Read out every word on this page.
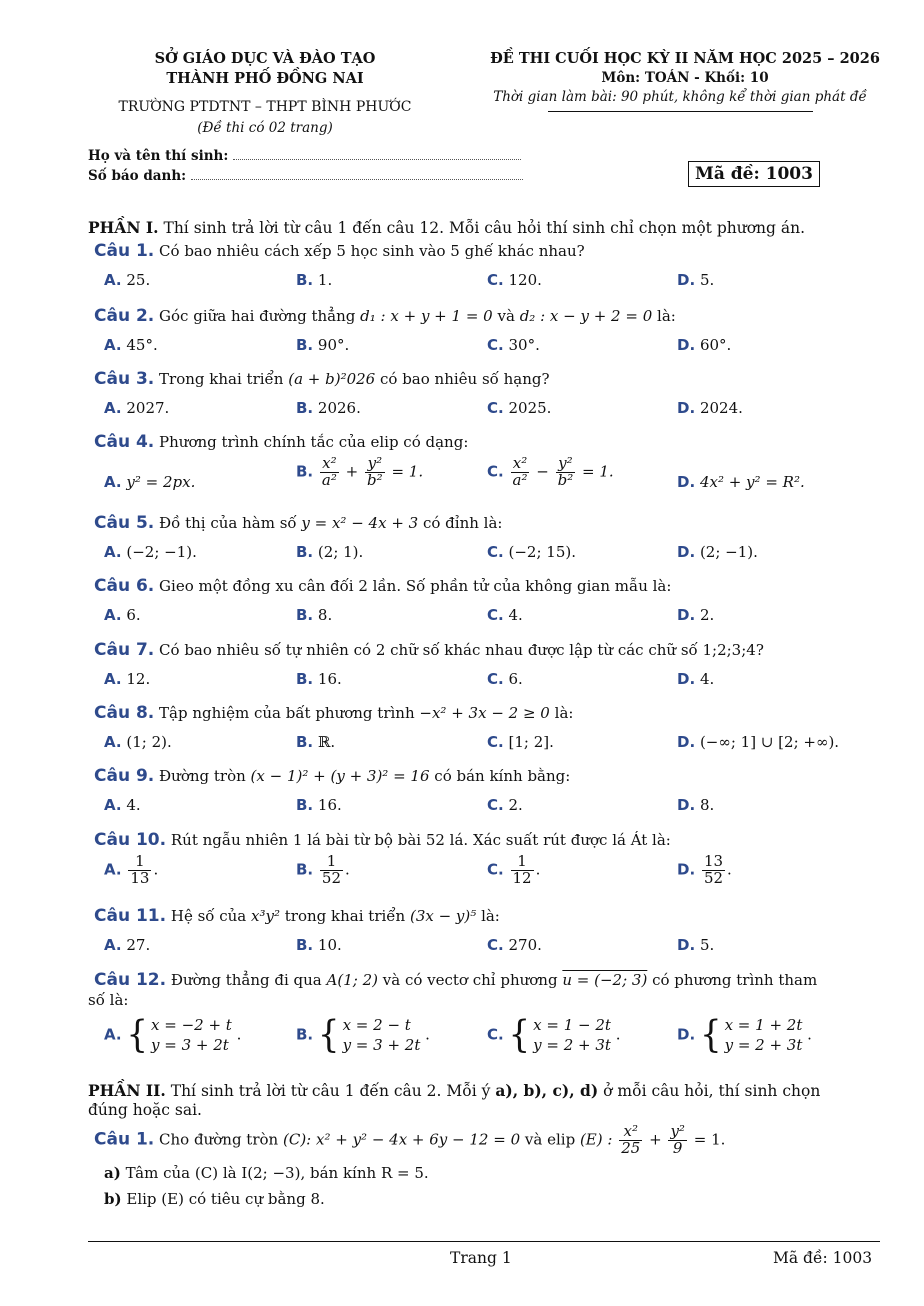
SỞ GIÁO DỤC VÀ ĐÀO TẠO
THÀNH PHỐ ĐỒNG NAI
TRƯỜNG PTDTNT – THPT BÌNH PHƯỚC
(Đề thi có 02 trang)
ĐỀ THI CUỐI HỌC KỲ II NĂM HỌC 2025 – 2026
Môn: TOÁN - Khối: 10
Thời gian làm bài: 90 phút, không kể thời gian phát đề
Họ và tên thí sinh:
Số báo danh:	Mã đề: 1003
PHẦN I. Thí sinh trả lời từ câu 1 đến câu 12. Mỗi câu hỏi thí sinh chỉ chọn một phương án.
Câu 1. Có bao nhiêu cách xếp 5 học sinh vào 5 ghế khác nhau?
A. 25.	B. 1.	C. 120.	D. 5.
Câu 2. Góc giữa hai đường thẳng d₁ : x + y + 1 = 0 và d₂ : x − y + 2 = 0 là:
A. 45°.	B. 90°.	C. 30°.	D. 60°.
Câu 3. Trong khai triển (a + b)²026 có bao nhiêu số hạng?
A. 2027.	B. 2026.	C. 2025.	D. 2024.
Câu 4. Phương trình chính tắc của elip có dạng:
A. y² = 2px.
B. $\frac{\text{x²}}{\text{a²}} + \frac{\text{y²}}{\text{b²}} = 1$.	C. $\frac{\text{x²}}{\text{a²}} - \frac{\text{y²}}{\text{b²}} = 1$.
D. 4x² + y² = R².
Câu 5. Đồ thị của hàm số y = x² − 4x + 3 có đỉnh là:
A. (−2; −1).	B. (2; 1).	C. (−2; 15).	D. (2; −1).
Câu 6. Gieo một đồng xu cân đối 2 lần. Số phần tử của không gian mẫu là:
A. 6.	B. 8.	C. 4.	D. 2.
Câu 7. Có bao nhiêu số tự nhiên có 2 chữ số khác nhau được lập từ các chữ số 1;2;3;4?
A. 12.	B. 16.	C. 6.	D. 4.
Câu 8. Tập nghiệm của bất phương trình −x² + 3x − 2 ≥ 0 là:
A. (1; 2).	B. ℝ.	C. [1; 2].	D. (−∞; 1] ∪ [2; +∞).
Câu 9. Đường tròn (x − 1)² + (y + 3)² = 16 có bán kính bằng:
A. 4.	B. 16.	C. 2.	D. 8.
Câu 10. Rút ngẫu nhiên 1 lá bài từ bộ bài 52 lá. Xác suất rút được lá Át là:
A. $\frac{1}{13}$ .	B. $\frac{1}{52}$ .	C. $\frac{1}{12}$ .	D. $\frac{13}{52}$ .
Câu 11. Hệ số của x³y² trong khai triển (3x − y)⁵ là:
A. 27.	B. 10.	C. 270.	D. 5.
Câu 12. Đường thẳng đi qua A(1; 2) và có vectơ chỉ phương u = (−2; 3) có phương trình tham
số là:
A. { x = −2 + t
y = 3 + 2t
.	B. { x = 2 − t
y = 3 + 2t
.	C. { x = 1 − 2t
y = 2 + 3t
.	D. { x = 1 + 2t
y = 2 + 3t
.
PHẦN II. Thí sinh trả lời từ câu 1 đến câu 2. Mỗi ý a), b), c), d) ở mỗi câu hỏi, thí sinh chọn
đúng hoặc sai.
Câu 1. Cho đường tròn (C): x² + y² − 4x + 6y − 12 = 0 và elip (E) : $\frac{\text{x²}}{25} + \frac{\text{y²}}{9} = 1$.
a) Tâm của (C) là I(2; −3), bán kính R = 5.
b) Elip (E) có tiêu cự bằng 8.
Trang 1	Mã đề: 1003
